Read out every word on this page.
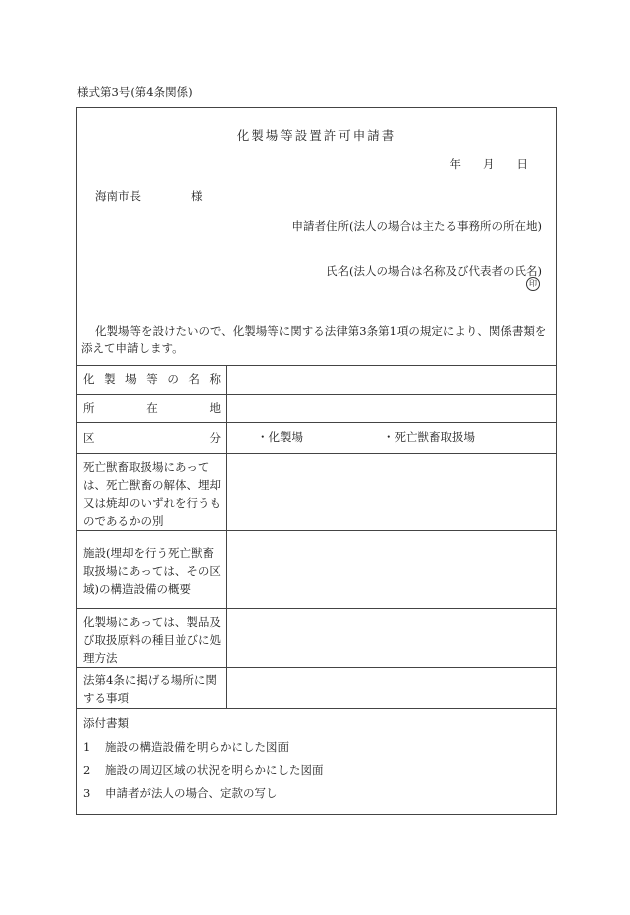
様式第3号(第4条関係)
化製場等設置許可申請書
年 月 日
海南市長	様
申請者住所(法人の場合は主たる事務所の所在地)
氏名(法人の場合は名称及び代表者の氏名)
印
化製場等を設けたいので、化製場等に関する法律第3条第1項の規定により、関係書類を添えて申請します。
化 製 場 等 の 名 称
所	在	地
区	分	・化製場	・死亡獣畜取扱場
死亡獣畜取扱場にあっては、死亡獣畜の解体、埋却又は焼却のいずれを行うものであるかの別
施設(埋却を行う死亡獣畜取扱場にあっては、その区域)の構造設備の概要
化製場にあっては、製品及び取扱原料の種目並びに処理方法
法第4条に掲げる場所に関する事項
添付書類
1 施設の構造設備を明らかにした図面
2 施設の周辺区域の状況を明らかにした図面
3 申請者が法人の場合、定款の写し
